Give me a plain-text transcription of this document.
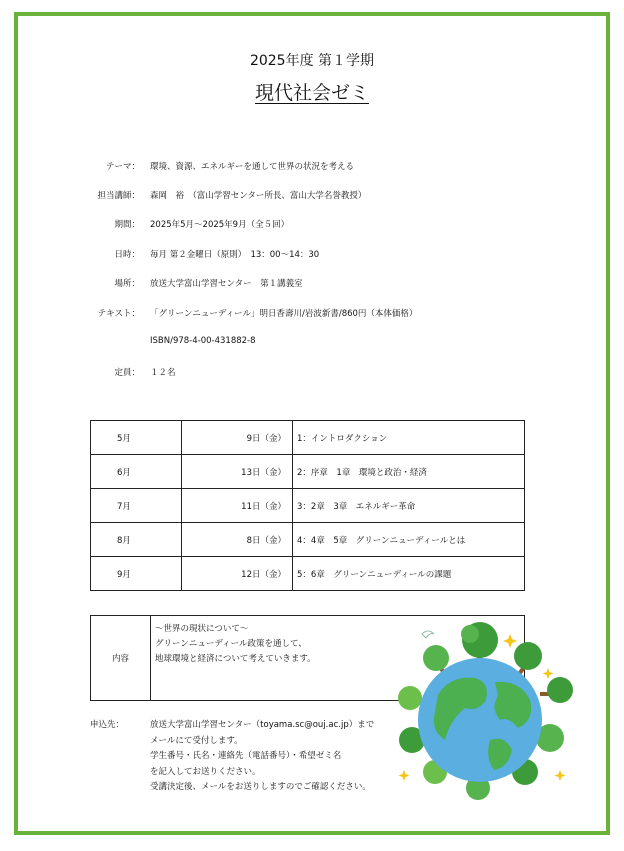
2025年度 第１学期
現代社会ゼミ
テーマ： 環境、資源、エネルギーを通して世界の状況を考える
担当講師： 森岡　裕　（富山学習センター所長、富山大学名誉教授）
期間： 2025年5月～2025年9月（全５回）
日時： 毎月 第２金曜日（原則）　13：00～14：30
場所： 放送大学富山学習センター　第１講義室
テキスト： 「グリーンニューディール」明日香壽川/岩波新書/860円（本体価格）
ISBN/978-4-00-431882-8
定員： １２名
5月	9日（金）	1：イントロダクション
6月	13日（金）	2：序章　1章　環境と政治・経済
7月	11日（金）	3：2章　3章　エネルギー革命
8月	8日（金）	4：4章　5章　グリーンニューディールとは
9月	12日（金）	5：6章　グリーンニューディールの課題
内容	
～世界の現状について～
グリーンニューディール政策を通して、
地球環境と経済について考えていきます。
申込先：	放送大学富山学習センター（toyama.sc@ouj.ac.jp）まで
メールにて受付します。
学生番号・氏名・連絡先（電話番号）・希望ゼミ名
を記入してお送りください。
受講決定後、メールをお送りしますのでご確認ください。
